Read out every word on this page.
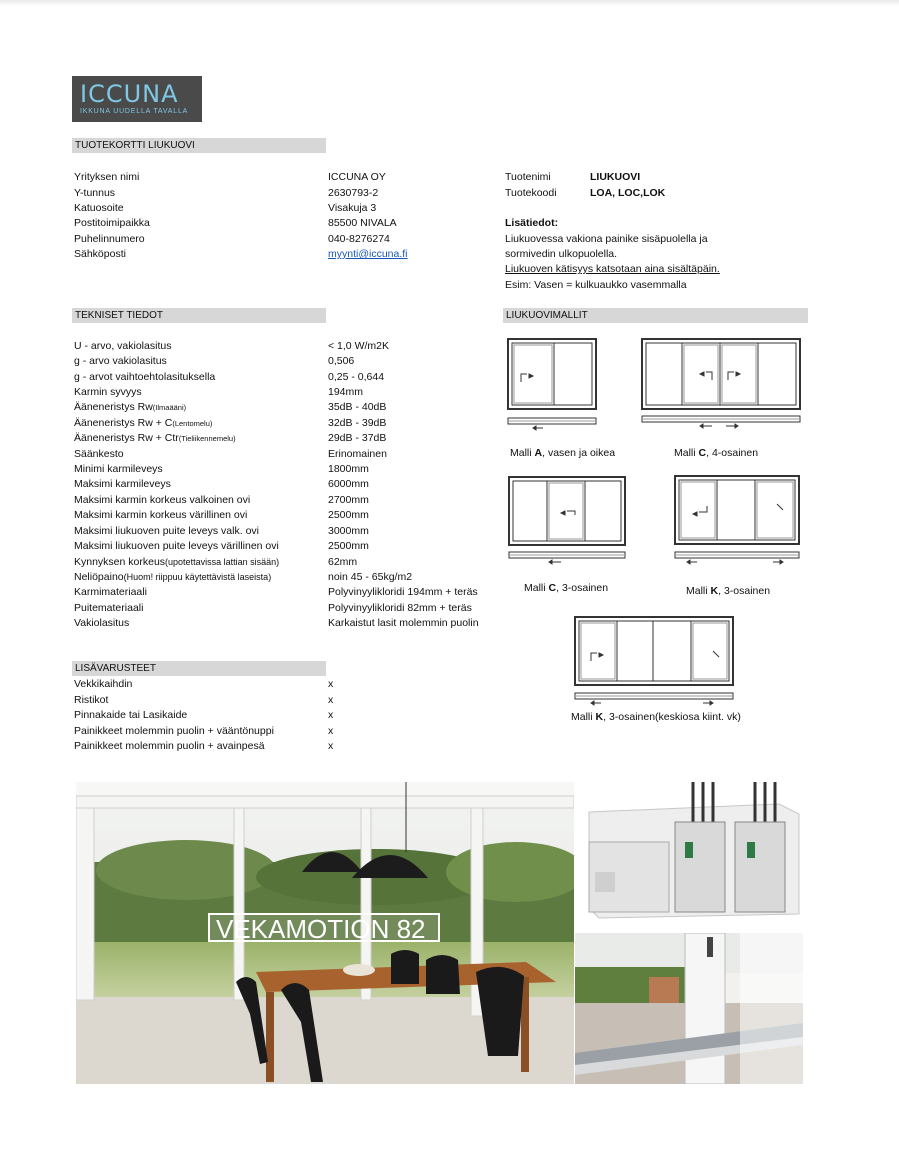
ICCUNA
IKKUNA UUDELLA TAVALLA
TUOTEKORTTI LIUKUOVI
TEKNISET TIEDOT	LIUKUOVIMALLIT
LISÄVARUSTEET
Yrityksen nimi	ICCUNA OY
Y-tunnus	2630793-2
Katuosoite	Visakuja 3
Postitoimipaikka	85500 NIVALA
Puhelinnumero	040-8276274
Sähköposti	myynti@iccuna.fi
Tuotenimi	LIUKUOVI
Tuotekoodi	LOA, LOC,LOK
Lisätiedot:
Liukuovessa vakiona painike sisäpuolella ja
sormivedin ulkopuolella.
Liukuoven kätisyys katsotaan aina sisältäpäin.
Esim: Vasen = kulkuaukko vasemmalla
U - arvo, vakiolasitus	< 1,0 W/m2K
g - arvo vakiolasitus	0,506
g - arvot vaihtoehtolasituksella	0,25 - 0,644
Karmin syvyys	194mm
Ääneneristys Rw(Ilmaääni)	35dB - 40dB
Ääneneristys Rw + C(Lentomelu)	32dB - 39dB
Ääneneristys Rw + Ctr(Tieliikennemelu)	29dB - 37dB
Säänkesto	Erinomainen
Minimi karmileveys	1800mm
Maksimi karmileveys	6000mm
Maksimi karmin korkeus valkoinen ovi	2700mm
Maksimi karmin korkeus värillinen ovi	2500mm
Maksimi liukuoven puite leveys valk. ovi	3000mm
Maksimi liukuoven puite leveys värillinen ovi	2500mm
Kynnyksen korkeus(upotettavissa lattian sisään)	62mm
Neliöpaino(Huom! riippuu käytettävistä laseista)	noin 45 - 65kg/m2
Karmimateriaali	Polyvinyylikloridi 194mm + teräs
Puitemateriaali	Polyvinyylikloridi 82mm + teräs
Vakiolasitus	Karkaistut lasit molemmin puolin
Vekkikaihdin	x
Ristikot	x
Pinnakaide tai Lasikaide	x
Painikkeet molemmin puolin + vääntönuppi	x
Painikkeet molemmin puolin + avainpesä	x
Malli A, vasen ja oikea	Malli C, 4-osainen
Malli C, 3-osainen	Malli K, 3-osainen
Malli K, 3-osainen(keskiosa kiint. vk)
VEKAMOTION 82
